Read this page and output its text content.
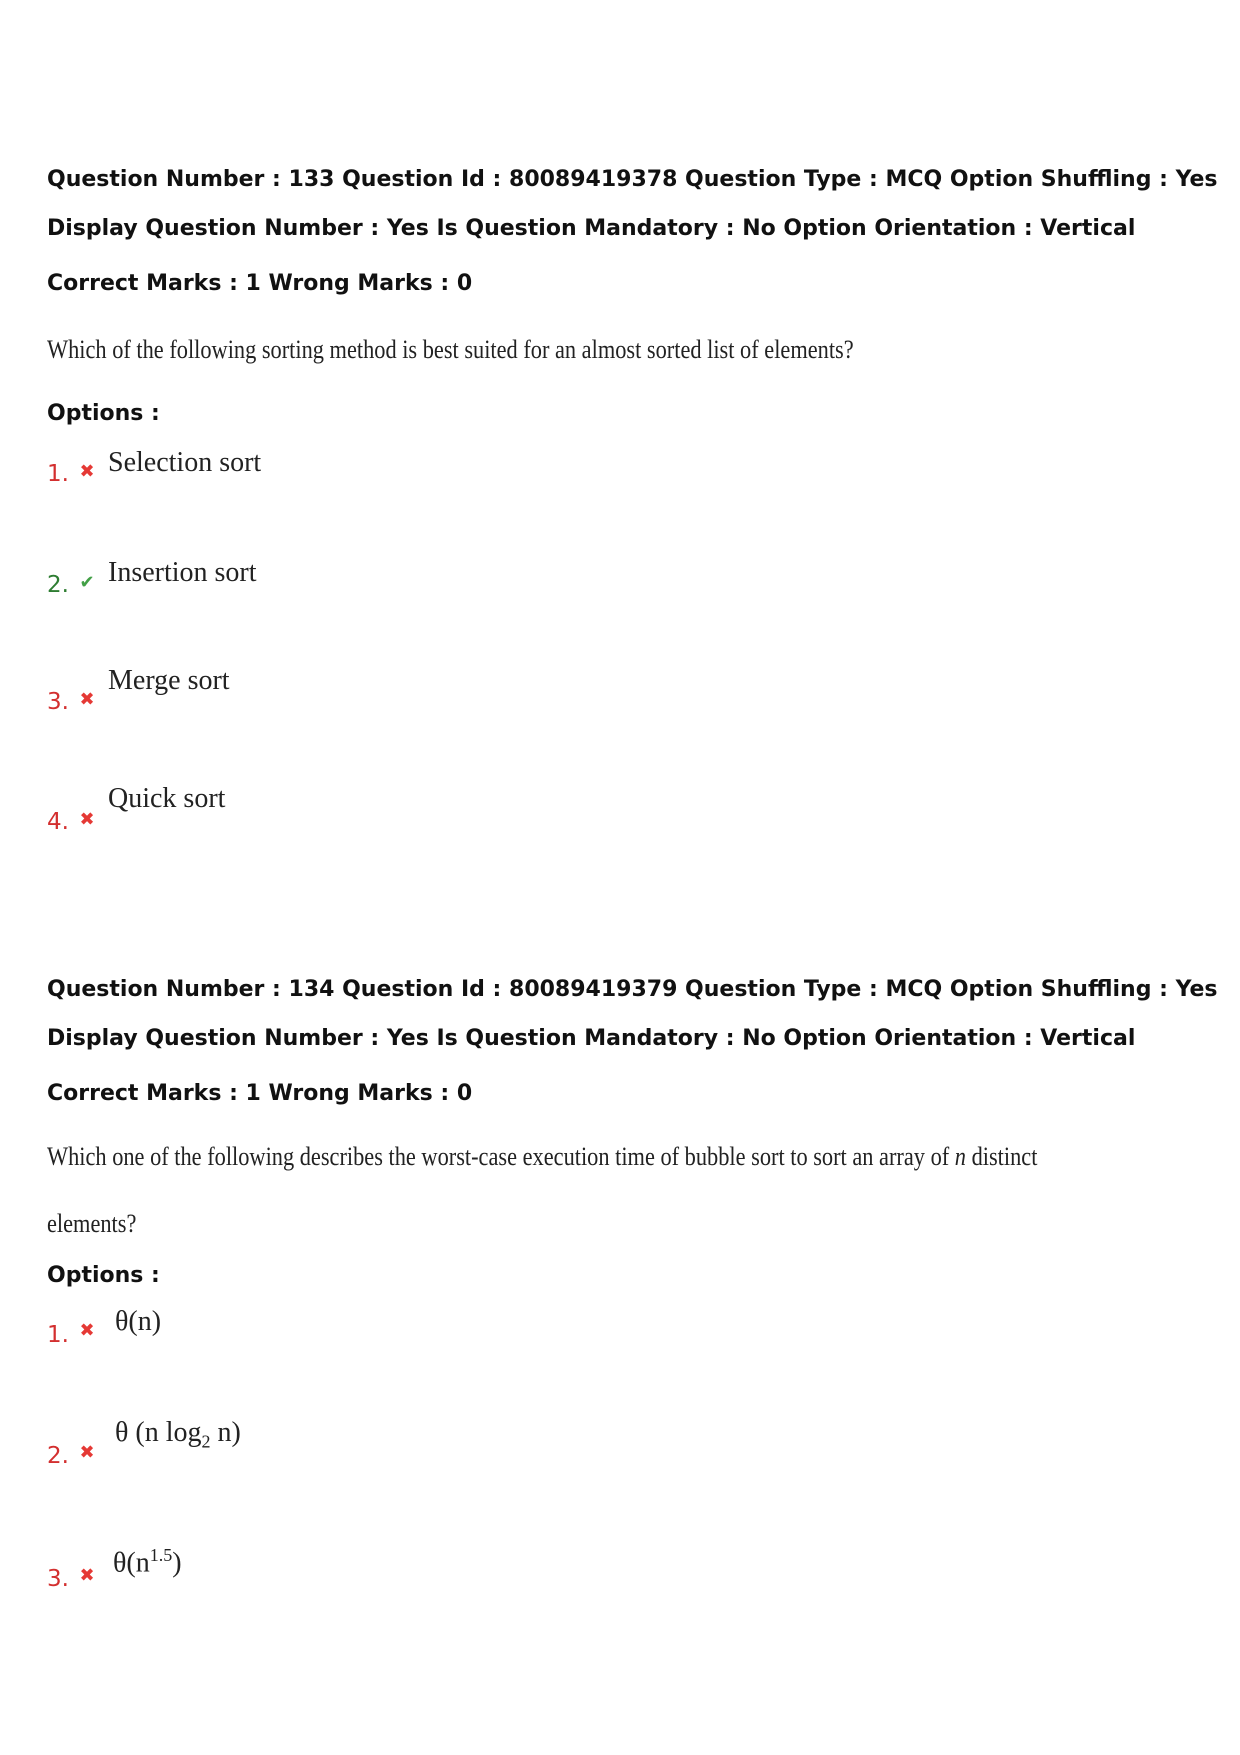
Question Number : 133 Question Id : 80089419378 Question Type : MCQ Option Shuffling : Yes
Display Question Number : Yes Is Question Mandatory : No Option Orientation : Vertical
Correct Marks : 1 Wrong Marks : 0
Which of the following sorting method is best suited for an almost sorted list of elements?
Options :
1. ✖ Selection sort
2. ✔ Insertion sort
3. ✖
Merge sort
4. ✖
Quick sort
Question Number : 134 Question Id : 80089419379 Question Type : MCQ Option Shuffling : Yes
Display Question Number : Yes Is Question Mandatory : No Option Orientation : Vertical
Correct Marks : 1 Wrong Marks : 0
Which one of the following describes the worst-case execution time of bubble sort to sort an array of n distinct
elements?
Options :
1. ✖ θ(n)
2. ✖
θ (n $\log_2 n$)
3. ✖ $\theta(n^{1.5})$
